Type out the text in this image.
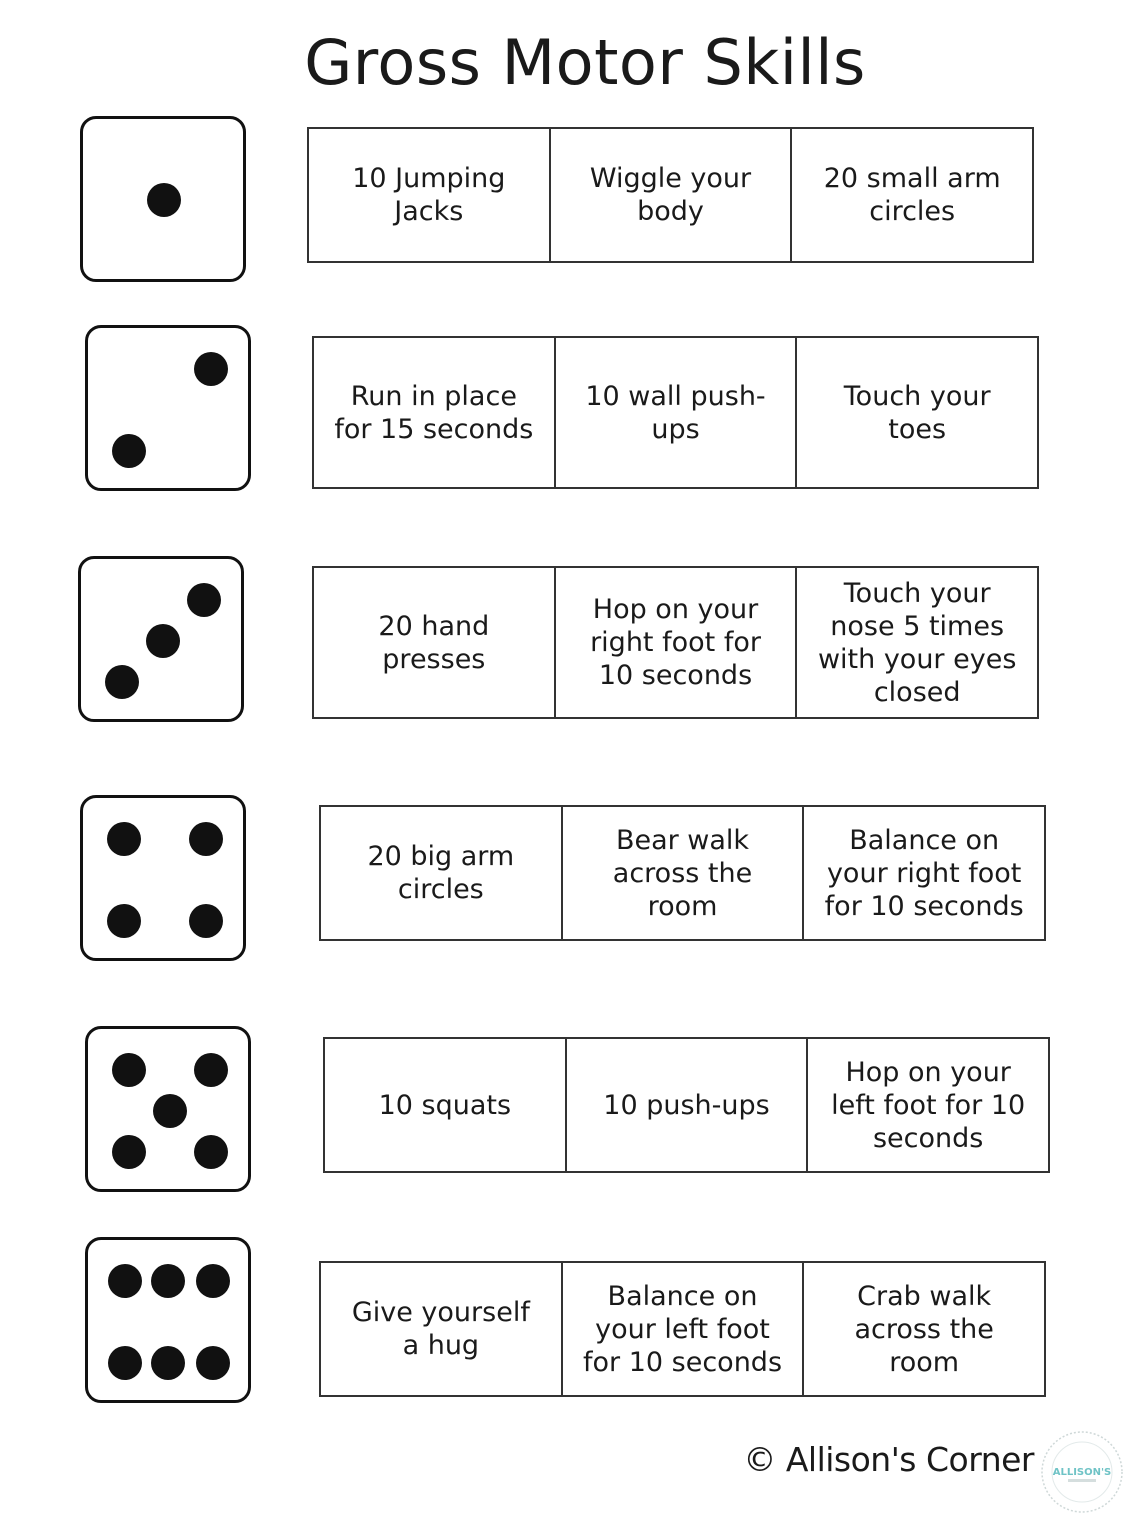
Gross Motor Skills
10 Jumping
Jacks
Wiggle your
body
20 small arm
circles
Run in place
for 15 seconds
10 wall push-
ups
Touch your
toes
20 hand
presses
Hop on your
right foot for
10 seconds
Touch your
nose 5 times
with your eyes
closed
20 big arm
circles
Bear walk
across the
room
Balance on
your right foot
for 10 seconds
10 squats	10 push-ups
Hop on your
left foot for 10
seconds
Give yourself
a hug
Balance on
your left foot
for 10 seconds
Crab walk
across the
room
© Allison's Corner ALLISON'S
